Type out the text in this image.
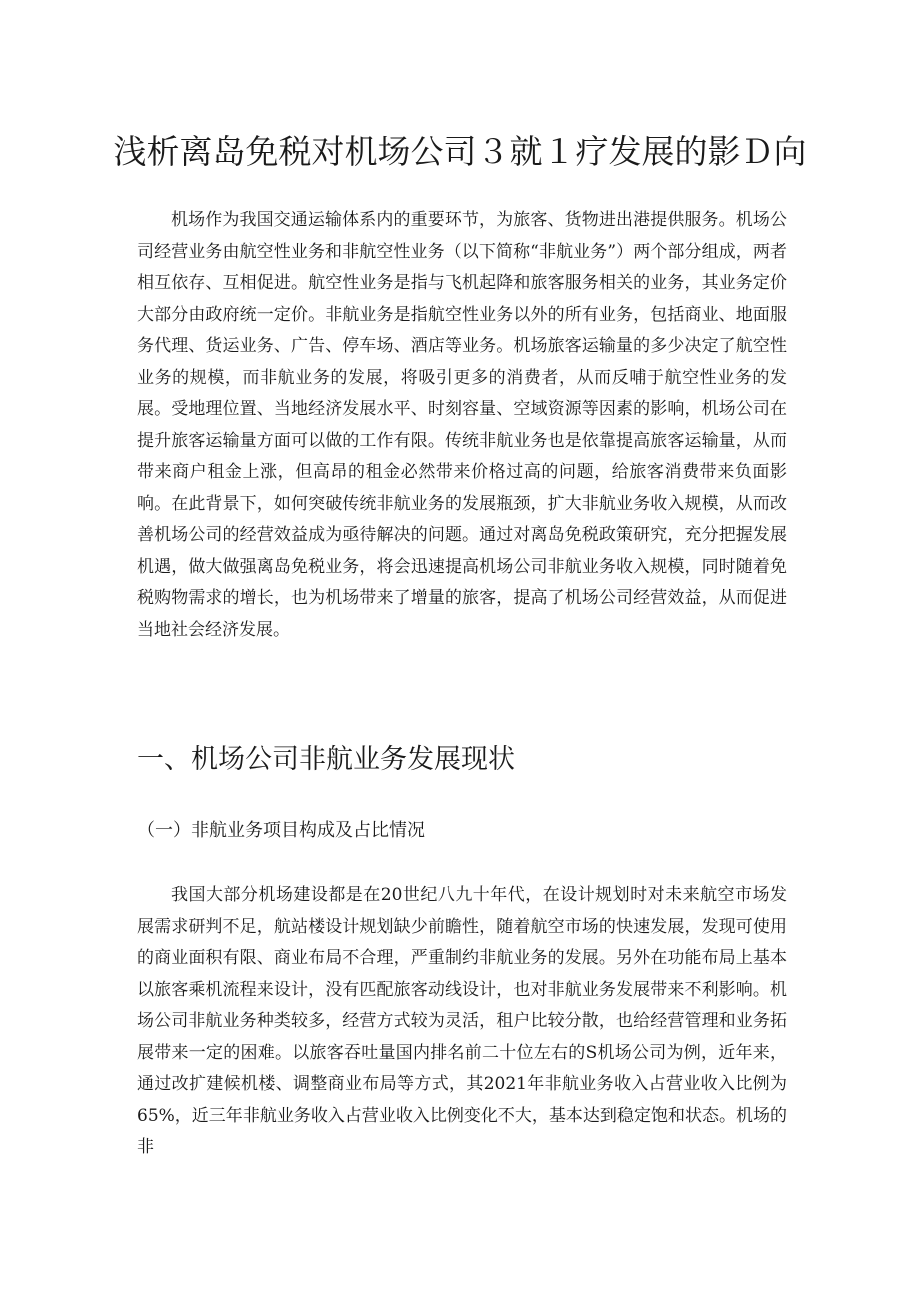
浅析离岛免税对机场公司３就１疗发展的影Ｄ向

机场作为我国交通运输体系内的重要环节，为旅客、货物进出港提供服务。机场公司经营业务由航空性业务和非航空性业务（以下简称“非航业务”）两个部分组成，两者相互依存、互相促进。航空性业务是指与飞机起降和旅客服务相关的业务，其业务定价大部分由政府统一定价。非航业务是指航空性业务以外的所有业务，包括商业、地面服务代理、货运业务、广告、停车场、酒店等业务。机场旅客运输量的多少决定了航空性业务的规模，而非航业务的发展，将吸引更多的消费者，从而反哺于航空性业务的发展。受地理位置、当地经济发展水平、时刻容量、空域资源等因素的影响，机场公司在提升旅客运输量方面可以做的工作有限。传统非航业务也是依靠提高旅客运输量，从而带来商户租金上涨，但高昂的租金必然带来价格过高的问题，给旅客消费带来负面影响。在此背景下，如何突破传统非航业务的发展瓶颈，扩大非航业务收入规模，从而改善机场公司的经营效益成为亟待解决的问题。通过对离岛免税政策研究，充分把握发展机遇，做大做强离岛免税业务，将会迅速提高机场公司非航业务收入规模，同时随着免税购物需求的增长，也为机场带来了增量的旅客，提高了机场公司经营效益，从而促进当地社会经济发展。

一、机场公司非航业务发展现状
（一）非航业务项目构成及占比情况

我国大部分机场建设都是在20世纪八九十年代，在设计规划时对未来航空市场发展需求研判不足，航站楼设计规划缺少前瞻性，随着航空市场的快速发展，发现可使用的商业面积有限、商业布局不合理，严重制约非航业务的发展。另外在功能布局上基本以旅客乘机流程来设计，没有匹配旅客动线设计，也对非航业务发展带来不利影响。机场公司非航业务种类较多，经营方式较为灵活，租户比较分散，也给经营管理和业务拓展带来一定的困难。以旅客吞吐量国内排名前二十位左右的S机场公司为例，近年来，通过改扩建候机楼、调整商业布局等方式，其2021年非航业务收入占营业收入比例为65%，近三年非航业务收入占营业收入比例变化不大，基本达到稳定饱和状态。机场的非
